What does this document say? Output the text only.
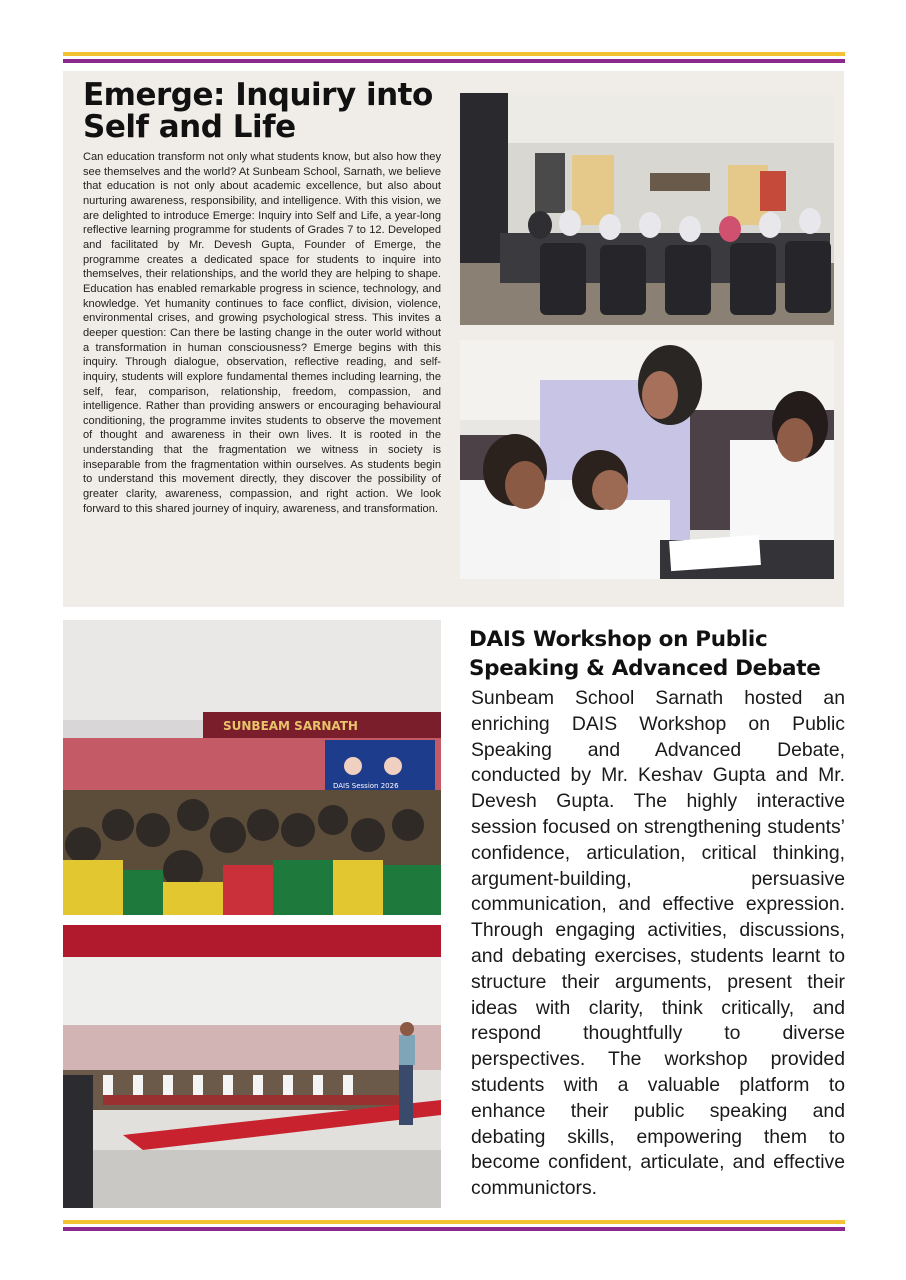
Emerge: Inquiry into Self and Life

Can education transform not only what students know, but also how they see themselves and the world? At Sunbeam School, Sarnath, we believe that education is not only about academic excellence, but also about nurturing awareness, responsibility, and intelligence. With this vision, we are delighted to introduce Emerge: Inquiry into Self and Life, a year-long reflective learning programme for students of Grades 7 to 12. Developed and facilitated by Mr. Devesh Gupta, Founder of Emerge, the programme creates a dedicated space for students to inquire into themselves, their relationships, and the world they are helping to shape. Education has enabled remarkable progress in science, technology, and knowledge. Yet humanity continues to face conflict, division, violence, environmental crises, and growing psychological stress. This invites a deeper question: Can there be lasting change in the outer world without a transformation in human consciousness? Emerge begins with this inquiry. Through dialogue, observation, reflective reading, and self-inquiry, students will explore fundamental themes including learning, the self, fear, comparison, relationship, freedom, compassion, and intelligence. Rather than providing answers or encouraging behavioural conditioning, the programme invites students to observe the movement of thought and awareness in their own lives. It is rooted in the understanding that the fragmentation we witness in society is inseparable from the fragmentation within ourselves. As students begin to understand this movement directly, they discover the possibility of greater clarity, awareness, compassion, and right action. We look forward to this shared journey of inquiry, awareness, and transformation.

SUNBEAM SARNATH
DAIS Session 2026
DAIS Workshop on Public Speaking & Advanced Debate

Sunbeam School Sarnath hosted an enriching DAIS Workshop on Public Speaking and Advanced Debate, conducted by Mr. Keshav Gupta and Mr. Devesh Gupta. The highly interactive session focused on strengthening students’ confidence, articulation, critical thinking, argument-building, persuasive communication, and effective expression. Through engaging activities, discussions, and debating exercises, students learnt to structure their arguments, present their ideas with clarity, think critically, and respond thoughtfully to diverse perspectives. The workshop provided students with a valuable platform to enhance their public speaking and debating skills, empowering them to become confident, articulate, and effective communictors.
